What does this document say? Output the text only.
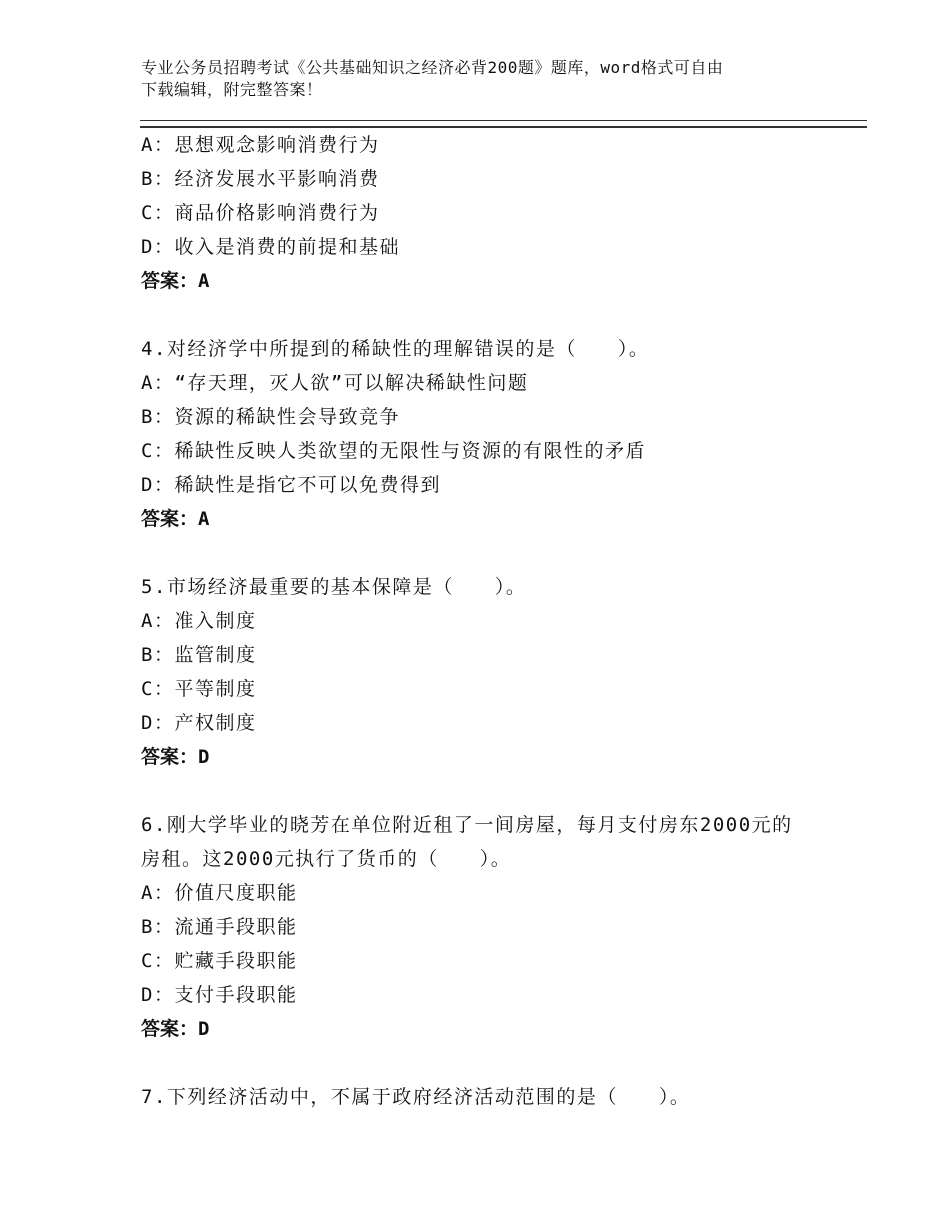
专业公务员招聘考试《公共基础知识之经济必背200题》题库，word格式可自由
下载编辑，附完整答案！
A：思想观念影响消费行为
B：经济发展水平影响消费
C：商品价格影响消费行为
D：收入是消费的前提和基础
答案：A
4.对经济学中所提到的稀缺性的理解错误的是（　　）。
A：“存天理，灭人欲”可以解决稀缺性问题
B：资源的稀缺性会导致竞争
C：稀缺性反映人类欲望的无限性与资源的有限性的矛盾
D：稀缺性是指它不可以免费得到
答案：A
5.市场经济最重要的基本保障是（　　）。
A：准入制度
B：监管制度
C：平等制度
D：产权制度
答案：D
6.刚大学毕业的晓芳在单位附近租了一间房屋，每月支付房东2000元的房租。这2000元执行了货币的（　　）。
A：价值尺度职能
B：流通手段职能
C：贮藏手段职能
D：支付手段职能
答案：D
7.下列经济活动中，不属于政府经济活动范围的是（　　）。
